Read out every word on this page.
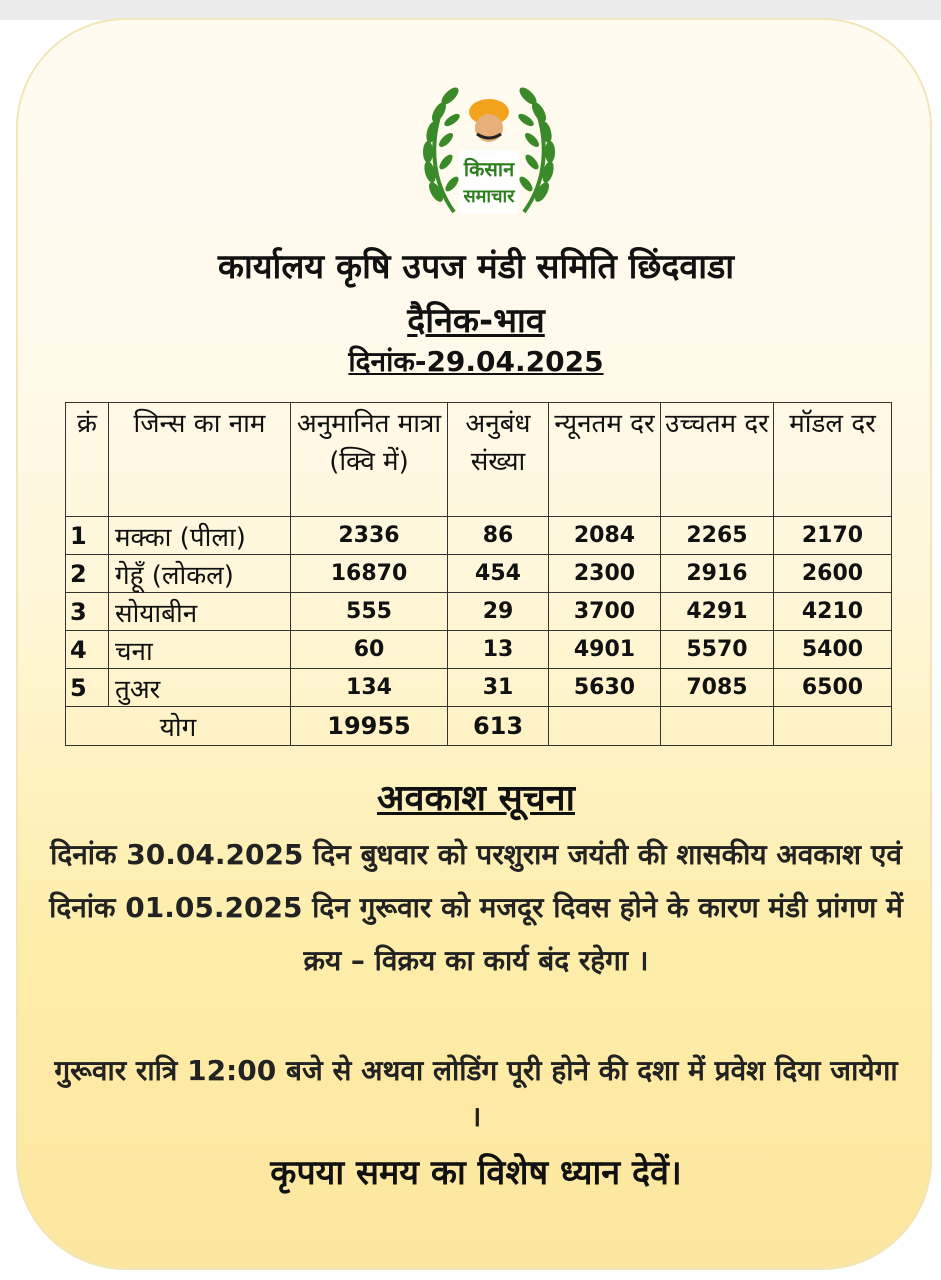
किसान
समाचार
कार्यालय कृषि उपज मंडी समिति छिंदवाडा
दैनिक-भाव
दिनांक-29.04.2025
क्रं	जिन्स का नाम	अनुमानित मात्रा (क्वि में)	अनुबंध संख्या	न्यूनतम दर	उच्चतम दर	मॉडल दर
1	मक्का (पीला)	2336	86	2084	2265	2170
2	गेहूँ (लोकल)	16870	454	2300	2916	2600
3	सोयाबीन	555	29	3700	4291	4210
4	चना	60	13	4901	5570	5400
5	तुअर	134	31	5630	7085	6500
योग		19955	613			
अवकाश सूचना
दिनांक 30.04.2025 दिन बुधवार को परशुराम जयंती की शासकीय अवकाश एवं दिनांक 01.05.2025 दिन गुरूवार को मजदूर दिवस होने के कारण मंडी प्रांगण में क्रय – विक्रय का कार्य बंद रहेगा ।
गुरूवार रात्रि 12:00 बजे से अथवा लोडिंग पूरी होने की दशा में प्रवेश दिया जायेगा ।
कृपया समय का विशेष ध्यान देवें।
